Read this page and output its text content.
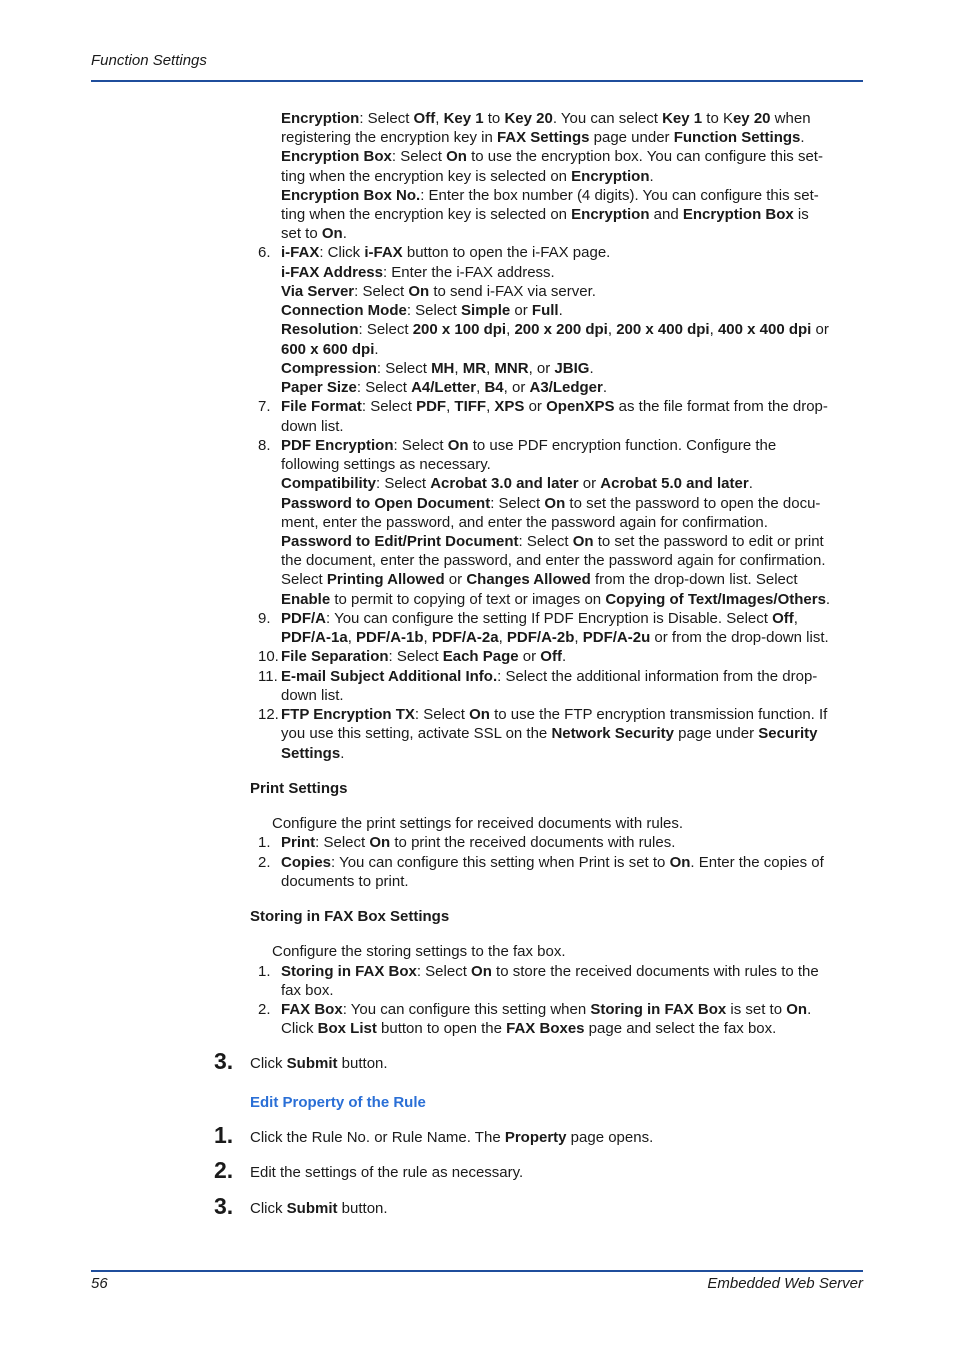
Function Settings
Encryption: Select Off, Key 1 to Key 20. You can select Key 1 to Key 20 when
registering the encryption key in FAX Settings page under Function Settings.
Encryption Box: Select On to use the encryption box. You can configure this set-
ting when the encryption key is selected on Encryption.
Encryption Box No.: Enter the box number (4 digits). You can configure this set-
ting when the encryption key is selected on Encryption and Encryption Box is
set to On.
6. i-FAX: Click i-FAX button to open the i-FAX page.
i-FAX Address: Enter the i-FAX address.
Via Server: Select On to send i-FAX via server.
Connection Mode: Select Simple or Full.
Resolution: Select 200 x 100 dpi, 200 x 200 dpi, 200 x 400 dpi, 400 x 400 dpi or
600 x 600 dpi.
Compression: Select MH, MR, MNR, or JBIG.
Paper Size: Select A4/Letter, B4, or A3/Ledger.
7. File Format: Select PDF, TIFF, XPS or OpenXPS as the file format from the drop-
down list.
8. PDF Encryption: Select On to use PDF encryption function. Configure the
following settings as necessary.
Compatibility: Select Acrobat 3.0 and later or Acrobat 5.0 and later.
Password to Open Document: Select On to set the password to open the docu-
ment, enter the password, and enter the password again for confirmation.
Password to Edit/Print Document: Select On to set the password to edit or print
the document, enter the password, and enter the password again for confirmation.
Select Printing Allowed or Changes Allowed from the drop-down list. Select
Enable to permit to copying of text or images on Copying of Text/Images/Others.
9. PDF/A: You can configure the setting If PDF Encryption is Disable. Select Off,
PDF/A-1a, PDF/A-1b, PDF/A-2a, PDF/A-2b, PDF/A-2u or from the drop-down list.
10. File Separation: Select Each Page or Off.
11. E-mail Subject Additional Info.: Select the additional information from the drop-
down list.
12. FTP Encryption TX: Select On to use the FTP encryption transmission function. If
you use this setting, activate SSL on the Network Security page under Security
Settings.
Print Settings
Configure the print settings for received documents with rules.
1. Print: Select On to print the received documents with rules.
2. Copies: You can configure this setting when Print is set to On. Enter the copies of
documents to print.
Storing in FAX Box Settings
Configure the storing settings to the fax box.
1. Storing in FAX Box: Select On to store the received documents with rules to the
fax box.
2. FAX Box: You can configure this setting when Storing in FAX Box is set to On.
Click Box List button to open the FAX Boxes page and select the fax box.
3. Click Submit button.
Edit Property of the Rule
1. Click the Rule No. or Rule Name. The Property page opens.
2. Edit the settings of the rule as necessary.
3. Click Submit button.
56	Embedded Web Server
